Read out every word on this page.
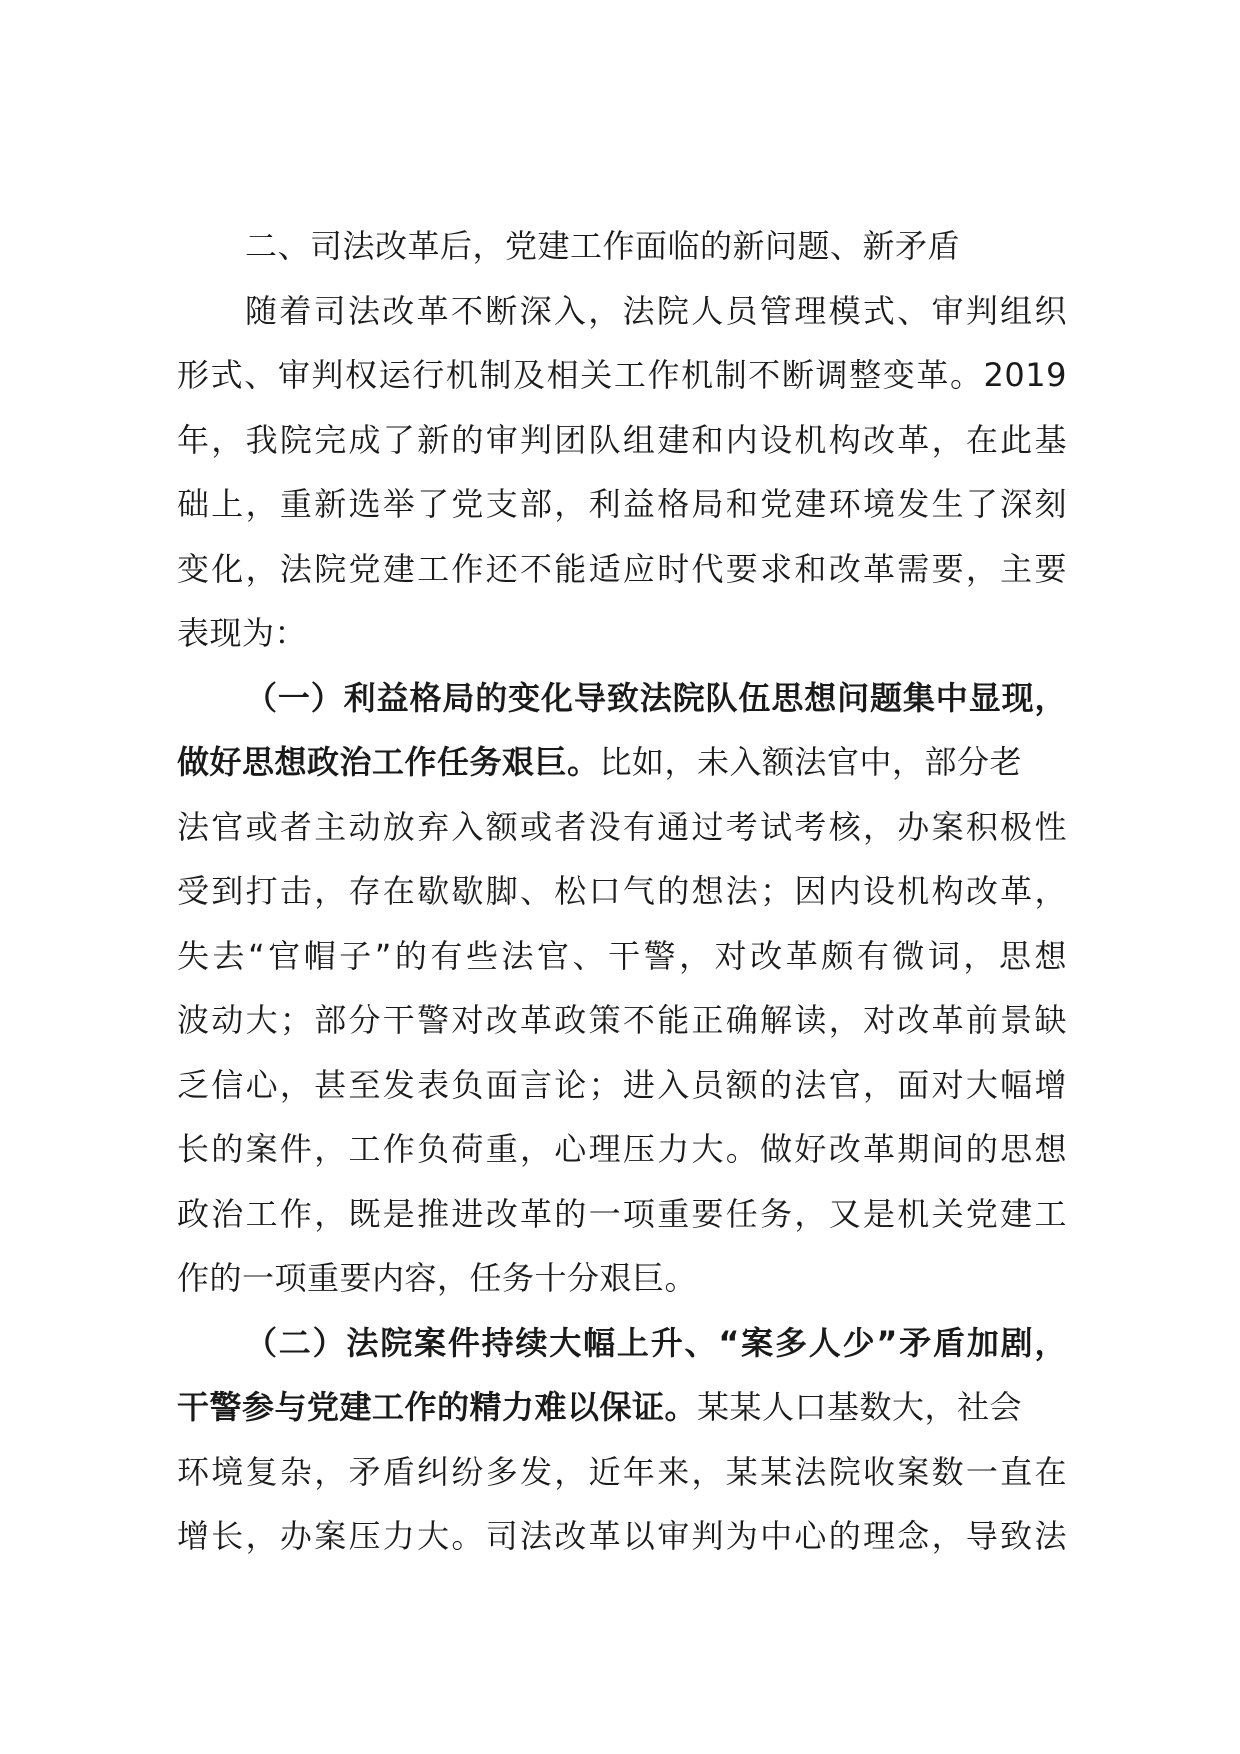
二、司法改革后，党建工作面临的新问题、新矛盾
随着司法改革不断深入，法院人员管理模式、审判组织
形式、审判权运行机制及相关工作机制不断调整变革。2019
年，我院完成了新的审判团队组建和内设机构改革，在此基
础上，重新选举了党支部，利益格局和党建环境发生了深刻
变化，法院党建工作还不能适应时代要求和改革需要，主要
表现为：
（一）利益格局的变化导致法院队伍思想问题集中显现，
做好思想政治工作任务艰巨。比如，未入额法官中，部分老
法官或者主动放弃入额或者没有通过考试考核，办案积极性
受到打击，存在歇歇脚、松口气的想法；因内设机构改革，
失去“官帽子”的有些法官、干警，对改革颇有微词，思想
波动大；部分干警对改革政策不能正确解读，对改革前景缺
乏信心，甚至发表负面言论；进入员额的法官，面对大幅增
长的案件，工作负荷重，心理压力大。做好改革期间的思想
政治工作，既是推进改革的一项重要任务，又是机关党建工
作的一项重要内容，任务十分艰巨。
（二）法院案件持续大幅上升、“案多人少”矛盾加剧，
干警参与党建工作的精力难以保证。某某人口基数大，社会
环境复杂，矛盾纠纷多发，近年来，某某法院收案数一直在
增长，办案压力大。司法改革以审判为中心的理念，导致法
